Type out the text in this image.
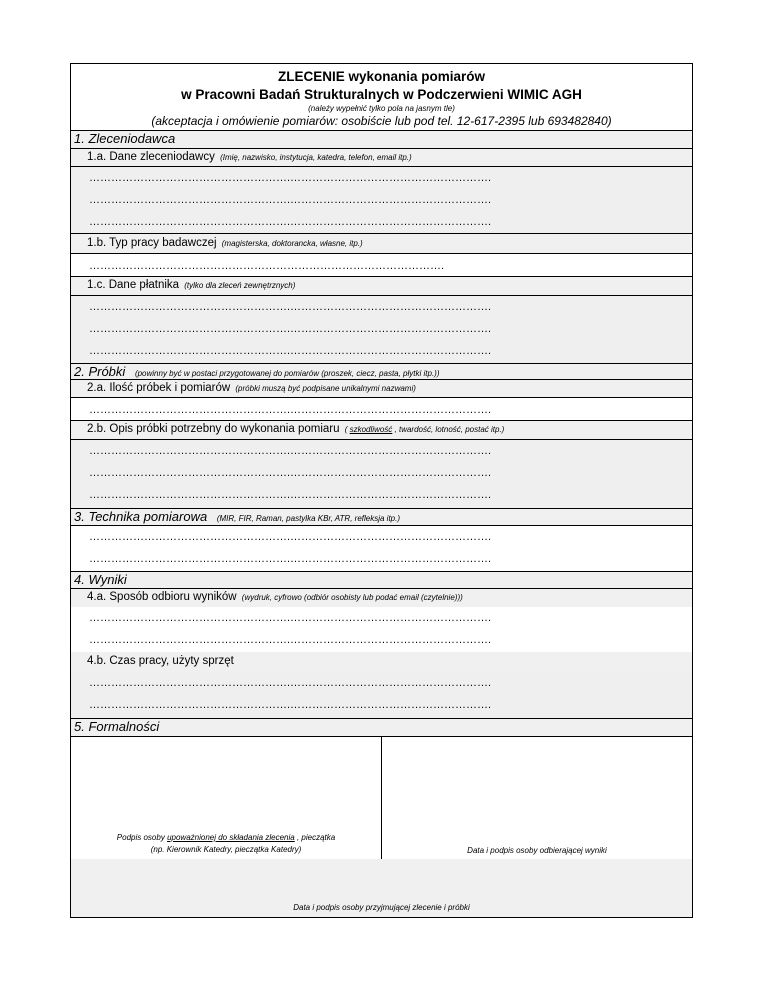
ZLECENIE wykonania pomiarów
w Pracowni Badań Strukturalnych w Podczerwieni WIMIC AGH
(należy wypełnić tylko pola na jasnym tle)
(akceptacja i omówienie pomiarów: osobiście lub pod tel. 12-617-2395 lub 693482840)
1. Zleceniodawca
1.a. Dane zleceniodawcy (Imię, nazwisko, instytucja, katedra, telefon, email itp.)
……………………………………………….……………………………………………….
……………………………………………….……………………………………………….
……………………………………………….……………………………………………….
1.b. Typ pracy badawczej (magisterska, doktorancka, własne, itp.)
…………………………………………………………………………………….
1.c. Dane płatnika (tylko dla zleceń zewnętrznych)
……………………………………………….……………………………………………….
……………………………………………….……………………………………………….
……………………………………………….……………………………………………….
2. Próbki (powinny być w postaci przygotowanej do pomiarów (proszek, ciecz, pasta, płytki itp.))
2.a. Ilość próbek i pomiarów (próbki muszą być podpisane unikalnymi nazwami)
……………………………………………….……………………………………………….
2.b. Opis próbki potrzebny do wykonania pomiaru ( szkodliwość , twardość, lotność, postać itp.)
……………………………………………….……………………………………………….
……………………………………………….……………………………………………….
……………………………………………….……………………………………………….
3. Technika pomiarowa (MIR, FIR, Raman, pastylka KBr, ATR, refleksja itp.)
……………………………………………….……………………………………………….
……………………………………………….……………………………………………….
4. Wyniki
4.a. Sposób odbioru wyników (wydruk, cyfrowo (odbiór osobisty lub podać email (czytelnie)))
……………………………………………….……………………………………………….
……………………………………………….……………………………………………….
4.b. Czas pracy, użyty sprzęt
……………………………………………….……………………………………………….
……………………………………………….……………………………………………….
5. Formalności
Podpis osoby upoważnionej do składania zlecenia , pieczątka
(np. Kierownik Katedry, pieczątka Katedry)	Data i podpis osoby odbierającej wyniki
Data i podpis osoby przyjmującej zlecenie i próbki
